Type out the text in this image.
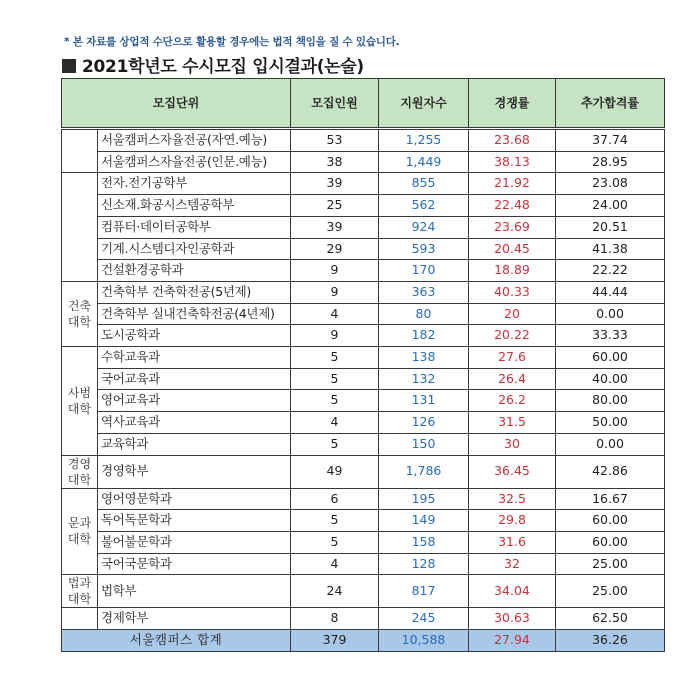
* 본 자료를 상업적 수단으로 활용할 경우에는 법적 책임을 질 수 있습니다.
2021학년도 수시모집 입시결과(논술)
모집단위		모집인원	지원자수	경쟁률	추가합격률
	서울캠퍼스자율전공(자연.예능)	53	1,255	23.68	37.74
	서울캠퍼스자율전공(인문.예능)	38	1,449	38.13	28.95
	전자.전기공학부	39	855	21.92	23.08
	신소재.화공시스템공학부	25	562	22.48	24.00
	컴퓨터·데이터공학부	39	924	23.69	20.51
	기계.시스템디자인공학과	29	593	20.45	41.38
	건설환경공학과	9	170	18.89	22.22

건축
대학	건축학부 건축학전공(5년제)	9	363	40.33	44.44
	건축학부 실내건축학전공(4년제)	4	80	20	0.00
	도시공학과	9	182	20.22	33.33

사범
대학	수학교육과	5	138	27.6	60.00
	국어교육과	5	132	26.4	40.00
	영어교육과	5	131	26.2	80.00
	역사교육과	4	126	31.5	50.00
	교육학과	5	150	30	0.00

경영
대학	경영학부	49	1,786	36.45	42.86

문과
대학	영어영문학과	6	195	32.5	16.67
	독어독문학과	5	149	29.8	60.00
	불어불문학과	5	158	31.6	60.00
	국어국문학과	4	128	32	25.00

법과
대학	법학부	24	817	34.04	25.00
	경제학부	8	245	30.63	62.50
서울캠퍼스 합계		379	10,588	27.94	36.26
